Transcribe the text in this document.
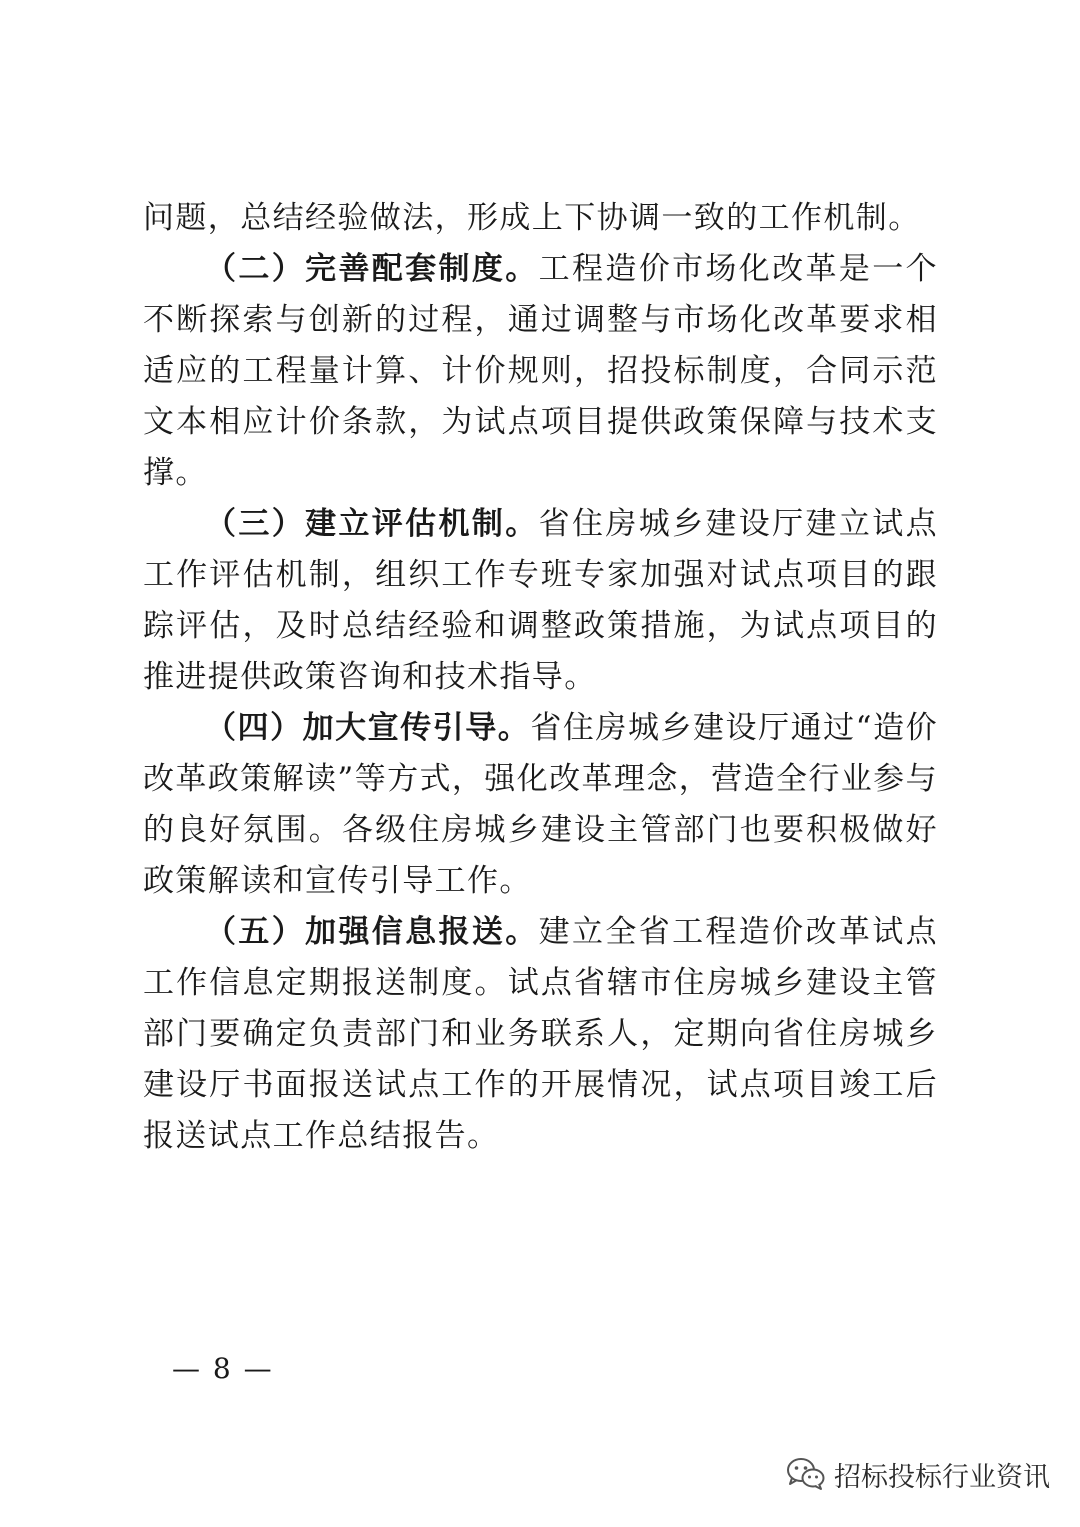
问题，总结经验做法，形成上下协调一致的工作机制。

（二）完善配套制度。工程造价市场化改革是一个不断探索与创新的过程，通过调整与市场化改革要求相适应的工程量计算、计价规则，招投标制度，合同示范文本相应计价条款，为试点项目提供政策保障与技术支撑。

（三）建立评估机制。省住房城乡建设厅建立试点工作评估机制，组织工作专班专家加强对试点项目的跟踪评估，及时总结经验和调整政策措施，为试点项目的推进提供政策咨询和技术指导。

（四）加大宣传引导。省住房城乡建设厅通过“造价改革政策解读”等方式，强化改革理念，营造全行业参与的良好氛围。各级住房城乡建设主管部门也要积极做好政策解读和宣传引导工作。

（五）加强信息报送。建立全省工程造价改革试点工作信息定期报送制度。试点省辖市住房城乡建设主管部门要确定负责部门和业务联系人，定期向省住房城乡建设厅书面报送试点工作的开展情况，试点项目竣工后报送试点工作总结报告。

— 8 —
招标投标行业资讯
